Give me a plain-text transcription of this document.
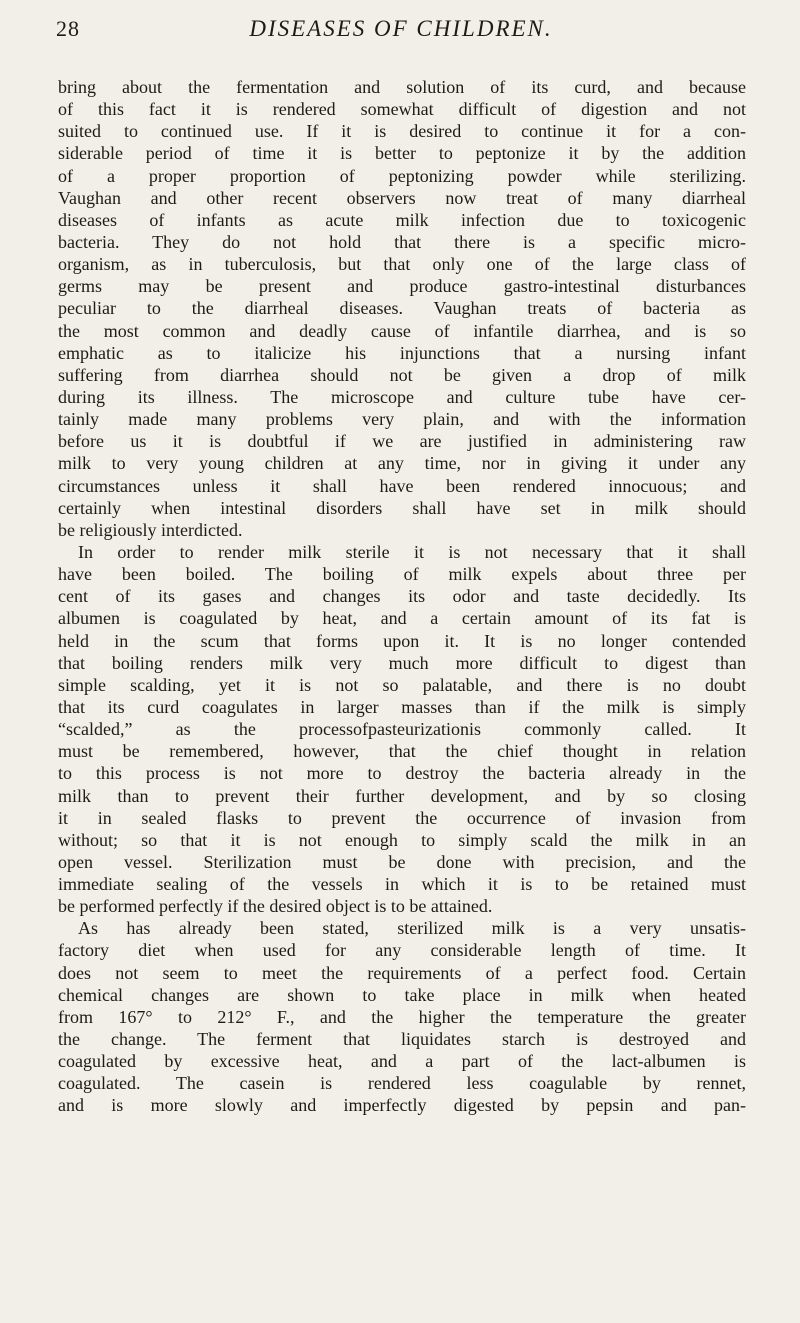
28	DISEASES OF CHILDREN.
bring about the fermentation and solution of its curd, and because
of this fact it is rendered somewhat difficult of digestion and not
suited to continued use. If it is desired to continue it for a con-
siderable period of time it is better to peptonize it by the addition
of a proper proportion of peptonizing powder while sterilizing.
Vaughan and other recent observers now treat of many diarrheal
diseases of infants as acute milk infection due to toxicogenic
bacteria. They do not hold that there is a specific micro-
organism, as in tuberculosis, but that only one of the large class of
germs may be present and produce gastro-intestinal disturbances
peculiar to the diarrheal diseases. Vaughan treats of bacteria as
the most common and deadly cause of infantile diarrhea, and is so
emphatic as to italicize his injunctions that a nursing infant
suffering from diarrhea should not be given a drop of milk
during its illness. The microscope and culture tube have cer-
tainly made many problems very plain, and with the information
before us it is doubtful if we are justified in administering raw
milk to very young children at any time, nor in giving it under any
circumstances unless it shall have been rendered innocuous; and
certainly when intestinal disorders shall have set in milk should
be religiously interdicted.
In order to render milk sterile it is not necessary that it shall
have been boiled. The boiling of milk expels about three per
cent of its gases and changes its odor and taste decidedly. Its
albumen is coagulated by heat, and a certain amount of its fat is
held in the scum that forms upon it. It is no longer contended
that boiling renders milk very much more difficult to digest than
simple scalding, yet it is not so palatable, and there is no doubt
that its curd coagulates in larger masses than if the milk is simply
“scalded,” as the processofpasteurizationis commonly called. It
must be remembered, however, that the chief thought in relation
to this process is not more to destroy the bacteria already in the
milk than to prevent their further development, and by so closing
it in sealed flasks to prevent the occurrence of invasion from
without; so that it is not enough to simply scald the milk in an
open vessel. Sterilization must be done with precision, and the
immediate sealing of the vessels in which it is to be retained must
be performed perfectly if the desired object is to be attained.
As has already been stated, sterilized milk is a very unsatis-
factory diet when used for any considerable length of time. It
does not seem to meet the requirements of a perfect food. Certain
chemical changes are shown to take place in milk when heated
from 167° to 212° F., and the higher the temperature the greater
the change. The ferment that liquidates starch is destroyed and
coagulated by excessive heat, and a part of the lact-albumen is
coagulated. The casein is rendered less coagulable by rennet,
and is more slowly and imperfectly digested by pepsin and pan-
